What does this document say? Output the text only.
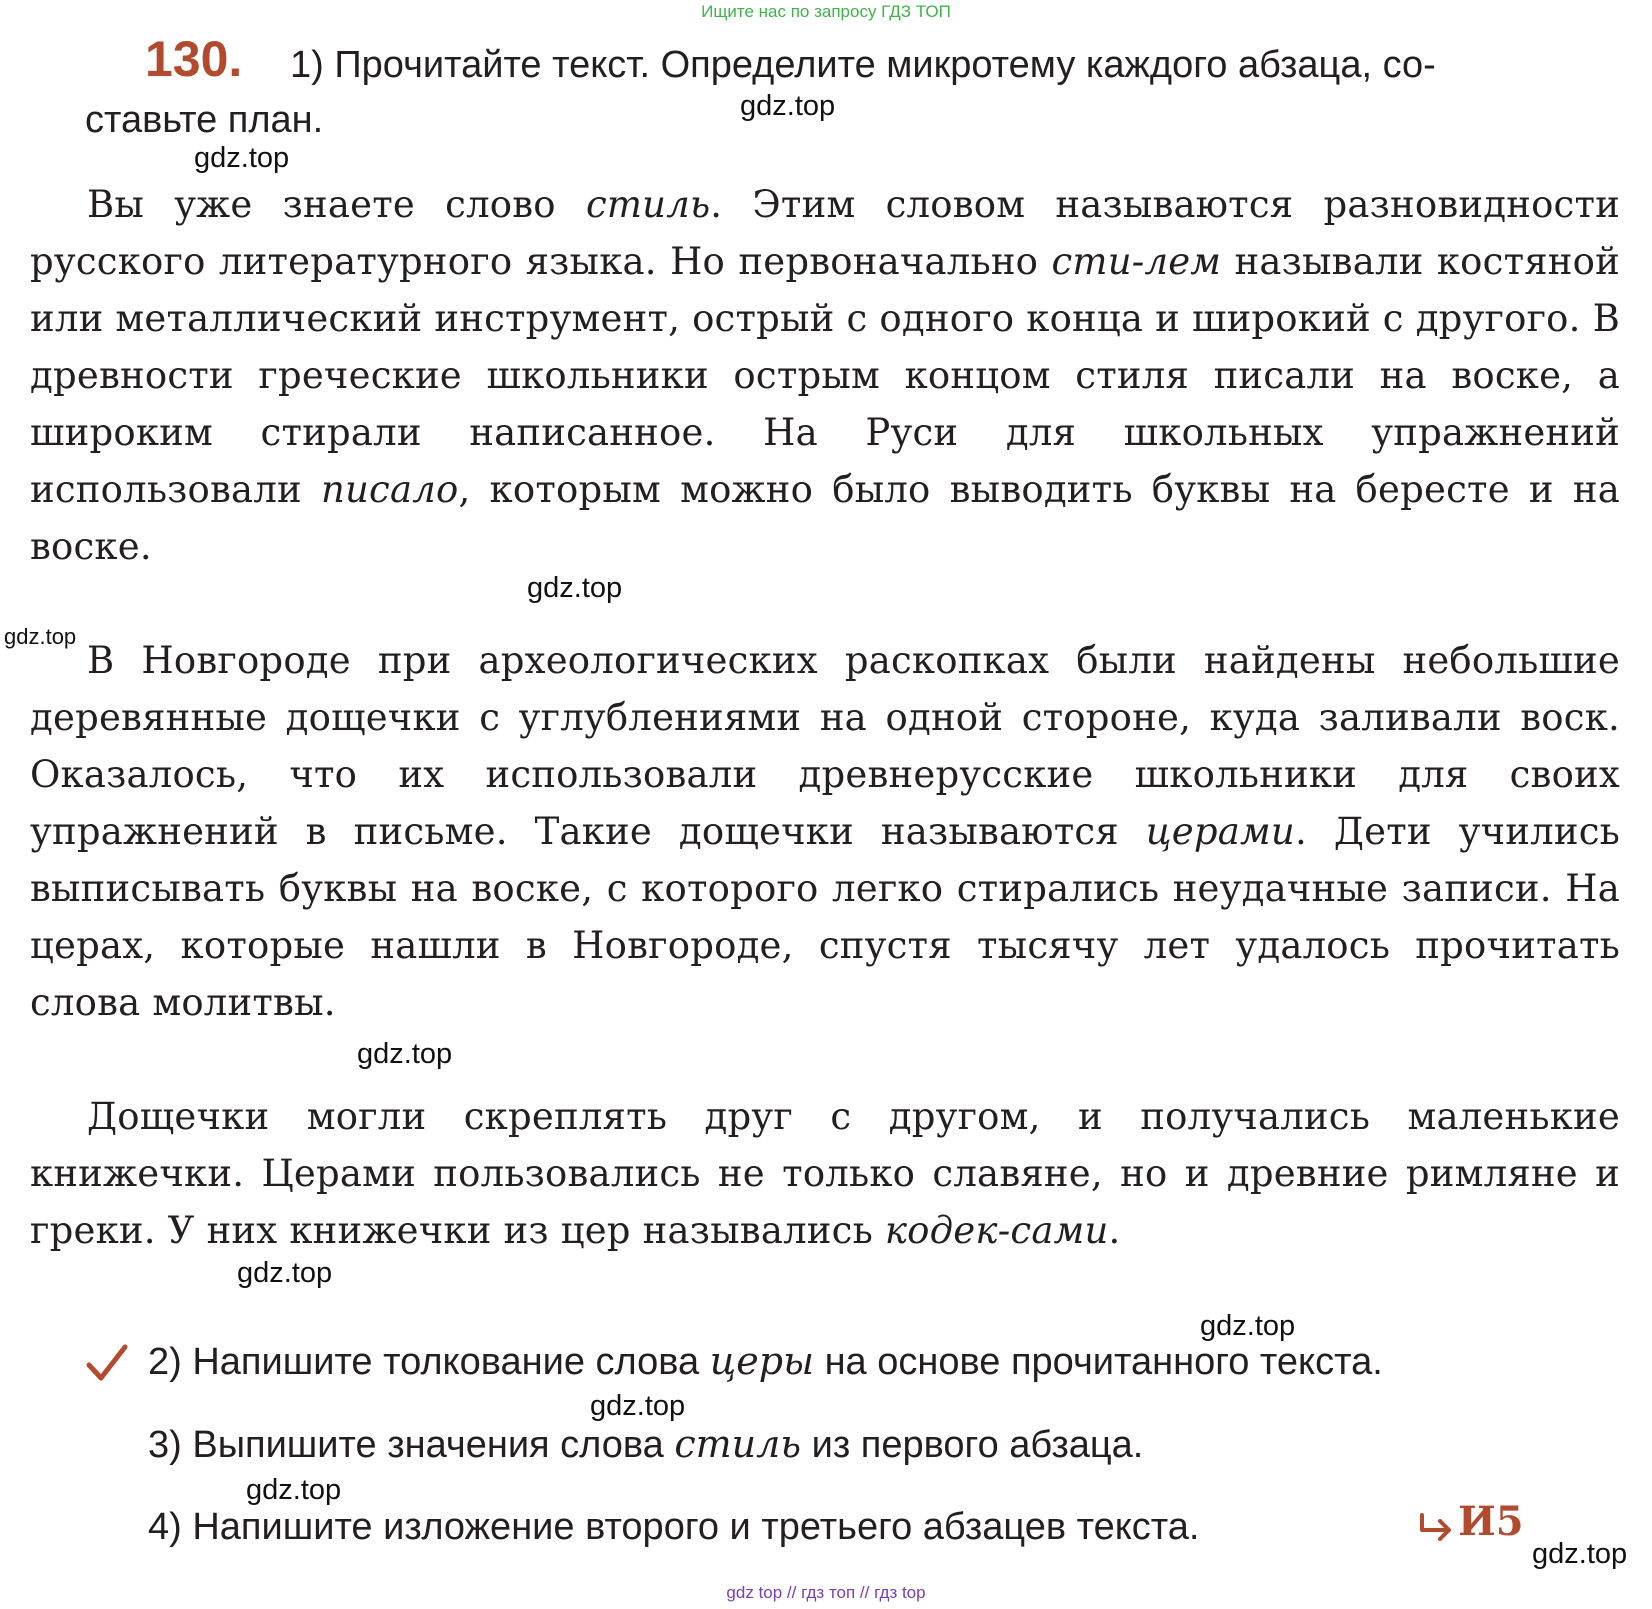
Ищите нас по запросу ГДЗ ТОП
130.	1) Прочитайте текст. Определите микротему каждого абзаца, со-
ставьте план.

Вы уже знаете слово стиль. Этим словом называются разновидности русского литературного языка. Но первоначально сти-лем называли костяной или металлический инструмент, острый с одного конца и широкий с другого. В древности греческие школьники острым концом стиля писали на воске, а широким стирали написанное. На Руси для школьных упражнений использовали писало, которым можно было выводить буквы на бересте и на воске.

В Новгороде при археологических раскопках были найдены небольшие деревянные дощечки с углублениями на одной стороне, куда заливали воск. Оказалось, что их использовали древнерусские школьники для своих упражнений в письме. Такие дощечки называются церами. Дети учились выписывать буквы на воске, с которого легко стирались неудачные записи. На церах, которые нашли в Новгороде, спустя тысячу лет удалось прочитать слова молитвы.

Дощечки могли скреплять друг с другом, и получались маленькие книжечки. Церами пользовались не только славяне, но и древние римляне и греки. У них книжечки из цер назывались кодек-сами.

2) Напишите толкование слова церы на основе прочитанного текста.

3) Выпишите значения слова стиль из первого абзаца.

4) Напишите изложение второго и третьего абзацев текста.	И5
gdz.top
gdz.top
gdz.top
gdz.top
gdz.top
gdz.top
gdz.top
gdz.top
gdz.top
gdz.top
gdz top // гдз топ // гдз top
